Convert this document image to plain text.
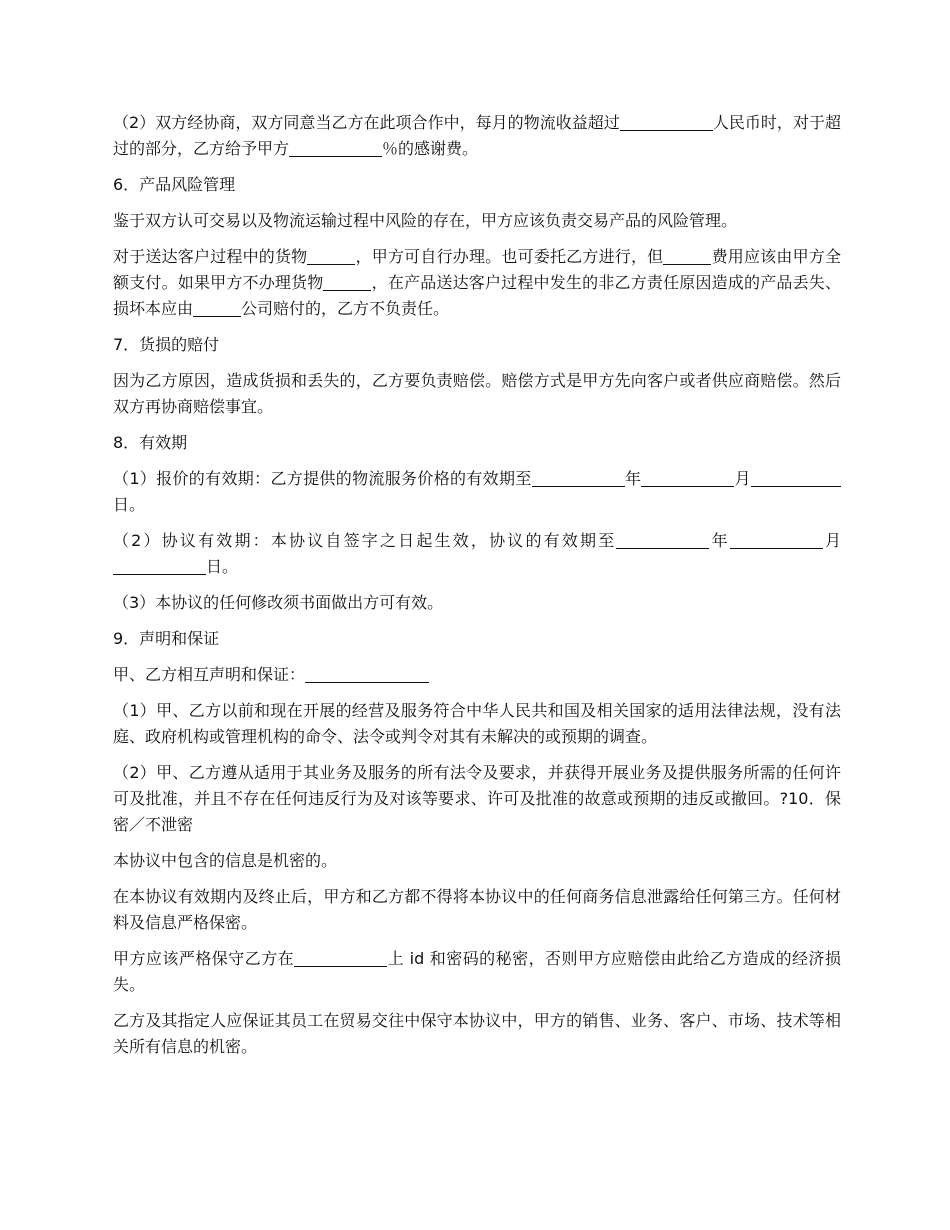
（2）双方经协商，双方同意当乙方在此项合作中，每月的物流收益超过	人民币时，对于超过的部分，乙方给予甲方	％的感谢费。

6．产品风险管理

鉴于双方认可交易以及物流运输过程中风险的存在，甲方应该负责交易产品的风险管理。

对于送达客户过程中的货物	，甲方可自行办理。也可委托乙方进行，但	费用应该由甲方全额支付。如果甲方不办理货物	，在产品送达客户过程中发生的非乙方责任原因造成的产品丢失、损坏本应由	公司赔付的，乙方不负责任。

7．货损的赔付

因为乙方原因，造成货损和丢失的，乙方要负责赔偿。赔偿方式是甲方先向客户或者供应商赔偿。然后双方再协商赔偿事宜。

8．有效期

（1）报价的有效期：乙方提供的物流服务价格的有效期至	年	月日。

（2）协议有效期：本协议自签字之日起生效，协议的有效期至	年	月日。

（3）本协议的任何修改须书面做出方可有效。

9．声明和保证

甲、乙方相互声明和保证：

（1）甲、乙方以前和现在开展的经营及服务符合中华人民共和国及相关国家的适用法律法规，没有法庭、政府机构或管理机构的命令、法令或判令对其有未解决的或预期的调查。

（2）甲、乙方遵从适用于其业务及服务的所有法令及要求，并获得开展业务及提供服务所需的任何许可及批准，并且不存在任何违反行为及对该等要求、许可及批准的故意或预期的违反或撤回。?10．保密／不泄密

本协议中包含的信息是机密的。

在本协议有效期内及终止后，甲方和乙方都不得将本协议中的任何商务信息泄露给任何第三方。任何材料及信息严格保密。

甲方应该严格保守乙方在	上 id 和密码的秘密，否则甲方应赔偿由此给乙方造成的经济损失。

乙方及其指定人应保证其员工在贸易交往中保守本协议中，甲方的销售、业务、客户、市场、技术等相关所有信息的机密。
